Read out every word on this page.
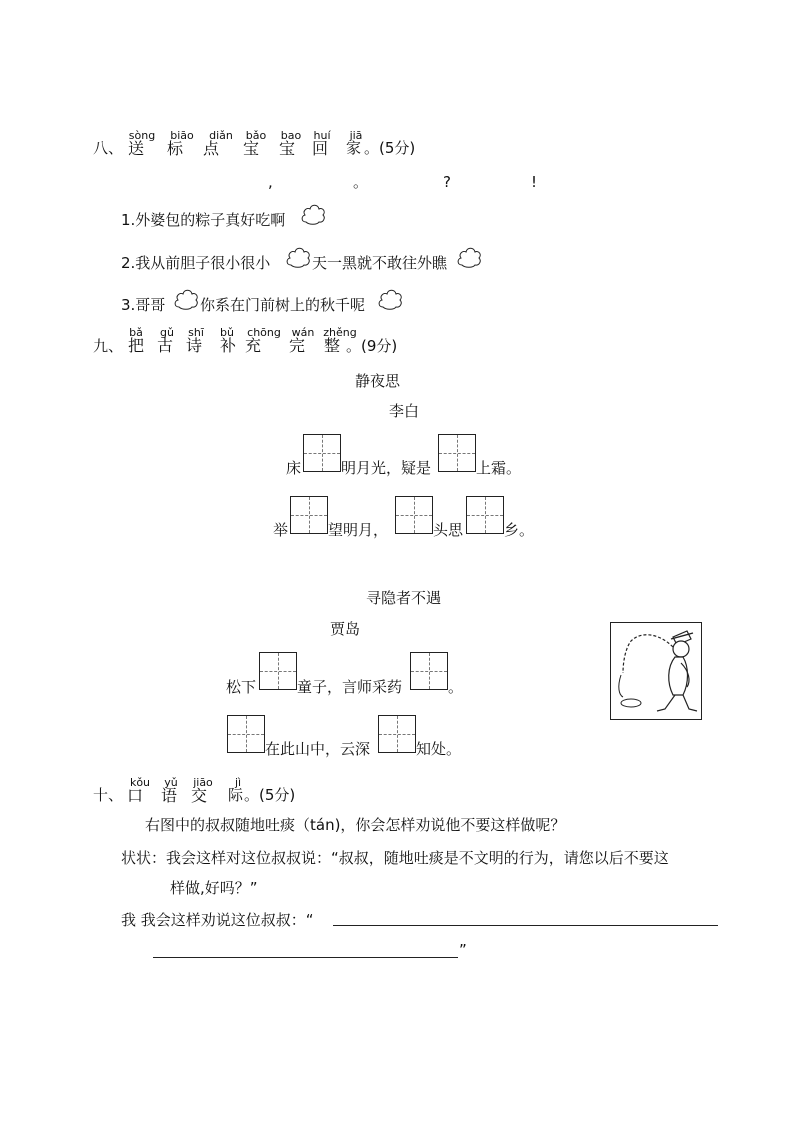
八、
sòng biāo diǎn bǎo bao huí jiā
送 标 点 宝 宝 回 家 。(5分)
,	。	?	!
1.外婆包的粽子真好吃啊
2.我从前胆子很小很小	天一黑就不敢往外瞧
3.哥哥 你系在门前树上的秋千呢
九、
bǎ gǔ shī bǔ chōng wán zhěng
把 古 诗 补 充 完 整 。(9分)
静夜思
李白
床	明月光，疑是	上霜。
举	望明月，	头思	乡。
寻隐者不遇
贾岛
松下	童子，言师采药	。
在此山中，云深	知处。
十、
kǒu yǔ jiāo jì
口 语 交 际 。(5分)
右图中的叔叔随地吐痰（tán)，你会怎样劝说他不要这样做呢？
状状：我会这样对这位叔叔说：“叔叔，随地吐痰是不文明的行为，请您以后不要这
样做,好吗？”
我 我会这样劝说这位叔叔：“
”
